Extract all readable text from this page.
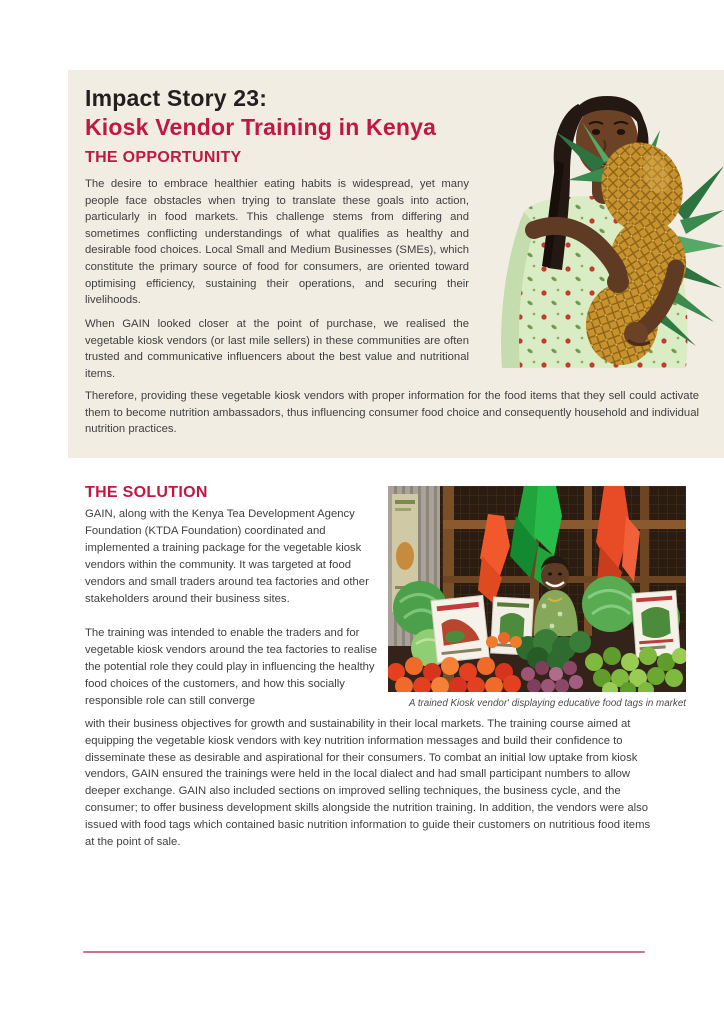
Impact Story 23:
Kiosk Vendor Training in Kenya
THE OPPORTUNITY

The desire to embrace healthier eating habits is widespread, yet many people face obstacles when trying to translate these goals into action, particularly in food markets. This challenge stems from differing and sometimes conflicting understandings of what qualifies as healthy and desirable food choices. Local Small and Medium Businesses (SMEs), which constitute the primary source of food for consumers, are oriented toward optimising efficiency, sustaining their operations, and securing their livelihoods.

When GAIN looked closer at the point of purchase, we realised the vegetable kiosk vendors (or last mile sellers) in these communities are often trusted and communicative influencers about the best value and nutritional items.

Therefore, providing these vegetable kiosk vendors with proper information for the food items that they sell could activate them to become nutrition ambassadors, thus influencing consumer food choice and consequently household and individual nutrition practices.

THE SOLUTION

GAIN, along with the Kenya Tea Development Agency Foundation (KTDA Foundation) coordinated and implemented a training package for the vegetable kiosk vendors within the community. It was targeted at food vendors and small traders around tea factories and other stakeholders around their business sites.

The training was intended to enable the traders and for vegetable kiosk vendors around the tea factories to realise the potential role they could play in influencing the healthy food choices of the customers, and how this socially responsible role can still converge	A trained Kiosk vendor' displaying educative food tags in market

with their business objectives for growth and sustainability in their local markets. The training course aimed at equipping the vegetable kiosk vendors with key nutrition information messages and build their confidence to disseminate these as desirable and aspirational for their consumers. To combat an initial low uptake from kiosk vendors, GAIN ensured the trainings were held in the local dialect and had small participant numbers to allow deeper exchange. GAIN also included sections on improved selling techniques, the business cycle, and the consumer; to offer business development skills alongside the nutrition training. In addition, the vendors were also issued with food tags which contained basic nutrition information to guide their customers on nutritious food items at the point of sale.
